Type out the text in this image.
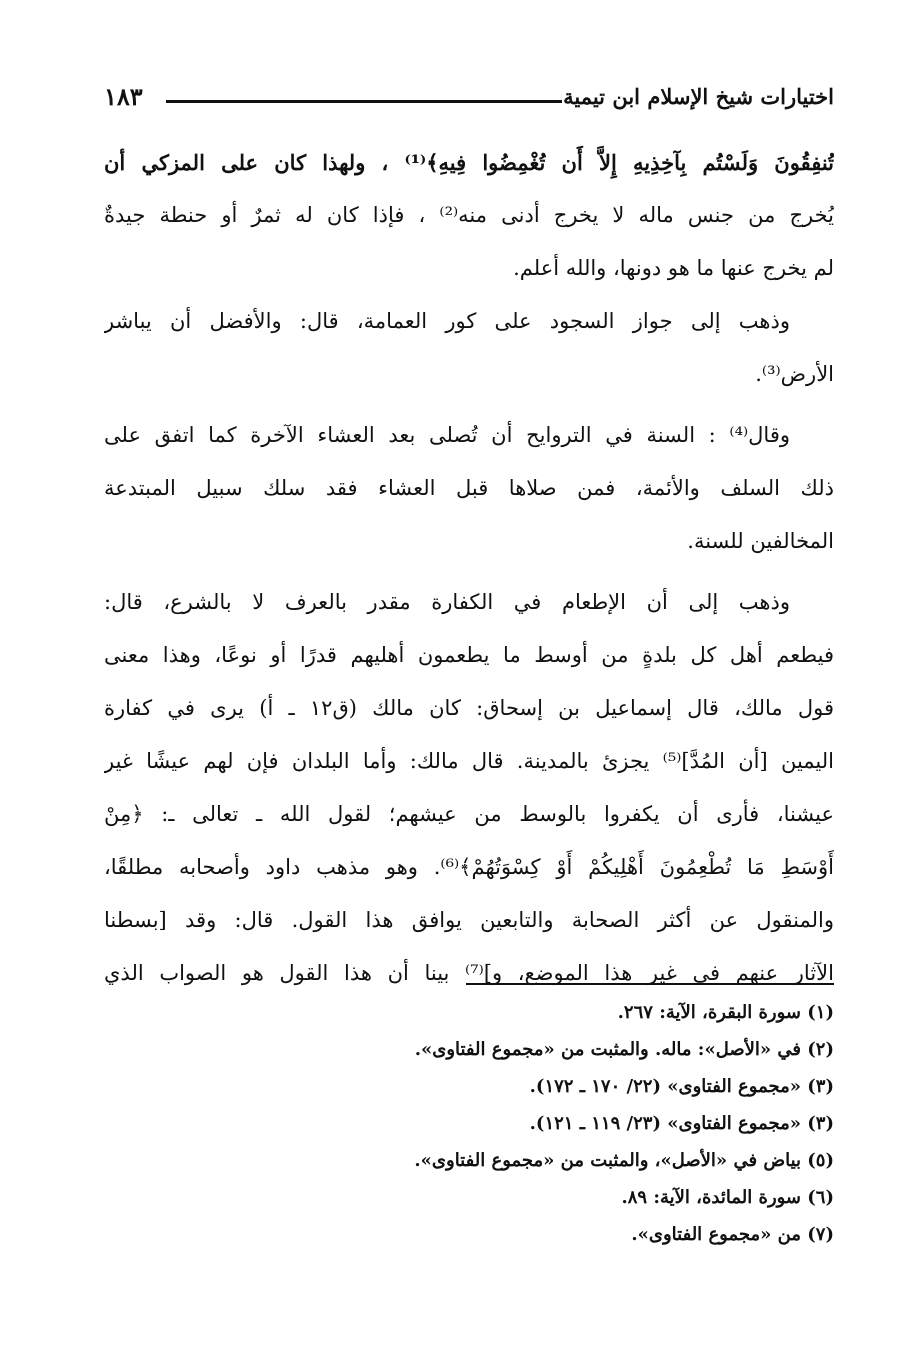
اختيارات شيخ الإسلام ابن تيمية
١٨٣
تُنفِقُونَ وَلَسْتُم بِآخِذِيهِ إِلاَّ أَن تُغْمِضُوا فِيهِ﴾⁽¹⁾ ، ولهذا كان على المزكي أن
يُخرج من جنس ماله لا يخرج أدنى منه⁽²⁾ ، فإذا كان له ثمرٌ أو حنطة جيدةٌ
لم يخرج عنها ما هو دونها، والله أعلم.
وذهب إلى جواز السجود على كور العمامة، قال: والأفضل أن يباشر
الأرض⁽³⁾.
وقال⁽⁴⁾ : السنة في التروايح أن تُصلى بعد العشاء الآخرة كما اتفق على
ذلك السلف والأئمة، فمن صلاها قبل العشاء فقد سلك سبيل المبتدعة
المخالفين للسنة.
وذهب إلى أن الإطعام في الكفارة مقدر بالعرف لا بالشرع، قال:
فيطعم أهل كل بلدةٍ من أوسط ما يطعمون أهليهم قدرًا أو نوعًا، وهذا معنى
قول مالك، قال إسماعيل بن إسحاق: كان مالك (ق١٢ ـ أ) يرى في كفارة
اليمين [أن المُدَّ]⁽⁵⁾ يجزئ بالمدينة. قال مالك: وأما البلدان فإن لهم عيشًا غير
عيشنا، فأرى أن يكفروا بالوسط من عيشهم؛ لقول الله ـ تعالى ـ: ﴿مِنْ
أَوْسَطِ مَا تُطْعِمُونَ أَهْلِيكُمْ أَوْ كِسْوَتُهُمْ﴾⁽⁶⁾. وهو مذهب داود وأصحابه مطلقًا،
والمنقول عن أكثر الصحابة والتابعين يوافق هذا القول. قال: وقد [بسطنا
الآثار عنهم في غير هذا الموضع، و]⁽⁷⁾ بينا أن هذا القول هو الصواب الذي
(١) سورة البقرة، الآية: ٢٦٧.
(٢) في «الأصل»: ماله. والمثبت من «مجموع الفتاوى».
(٣) «مجموع الفتاوى» (٢٢/ ١٧٠ ـ ١٧٢).
(٣) «مجموع الفتاوى» (٢٣/ ١١٩ ـ ١٢١).
(٥) بياض في «الأصل»، والمثبت من «مجموع الفتاوى».
(٦) سورة المائدة، الآية: ٨٩.
(٧) من «مجموع الفتاوى».
